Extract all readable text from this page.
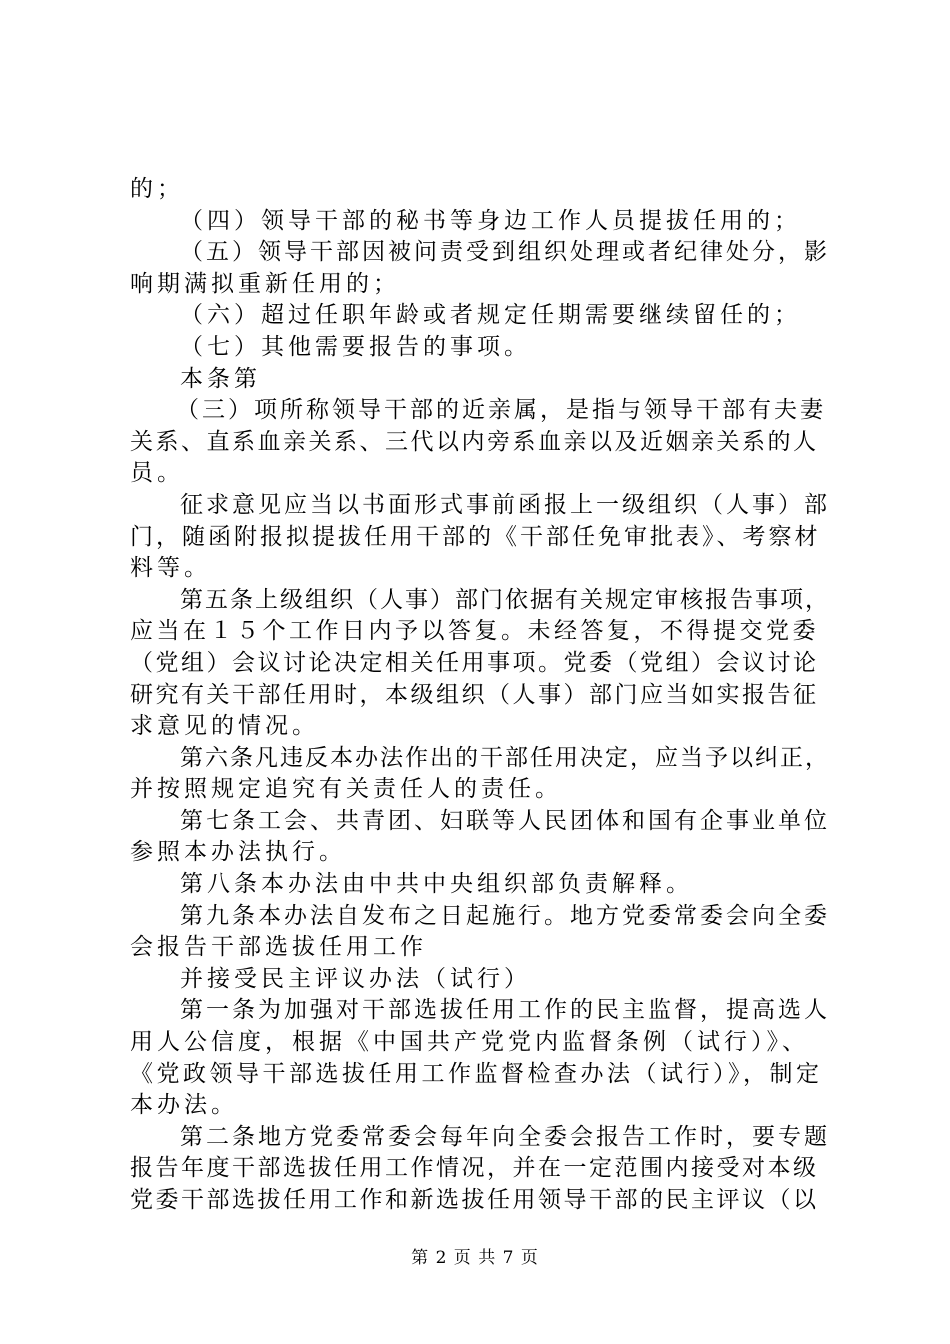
的；
（四）领导干部的秘书等身边工作人员提拔任用的；
（五）领导干部因被问责受到组织处理或者纪律处分，影
响期满拟重新任用的；
（六）超过任职年龄或者规定任期需要继续留任的；
（七）其他需要报告的事项。
本条第
（三）项所称领导干部的近亲属，是指与领导干部有夫妻
关系、直系血亲关系、三代以内旁系血亲以及近姻亲关系的人
员。
征求意见应当以书面形式事前函报上一级组织（人事）部
门，随函附报拟提拔任用干部的《干部任免审批表》、考察材
料等。
第五条上级组织（人事）部门依据有关规定审核报告事项，
应当在１５个工作日内予以答复。未经答复，不得提交党委
（党组）会议讨论决定相关任用事项。党委（党组）会议讨论
研究有关干部任用时，本级组织（人事）部门应当如实报告征
求意见的情况。
第六条凡违反本办法作出的干部任用决定，应当予以纠正，
并按照规定追究有关责任人的责任。
第七条工会、共青团、妇联等人民团体和国有企事业单位
参照本办法执行。
第八条本办法由中共中央组织部负责解释。
第九条本办法自发布之日起施行。地方党委常委会向全委
会报告干部选拔任用工作
并接受民主评议办法（试行）
第一条为加强对干部选拔任用工作的民主监督，提高选人
用人公信度，根据《中国共产党党内监督条例（试行）》、
《党政领导干部选拔任用工作监督检查办法（试行）》，制定
本办法。
第二条地方党委常委会每年向全委会报告工作时，要专题
报告年度干部选拔任用工作情况，并在一定范围内接受对本级
党委干部选拔任用工作和新选拔任用领导干部的民主评议（以
第 2 页 共 7 页
